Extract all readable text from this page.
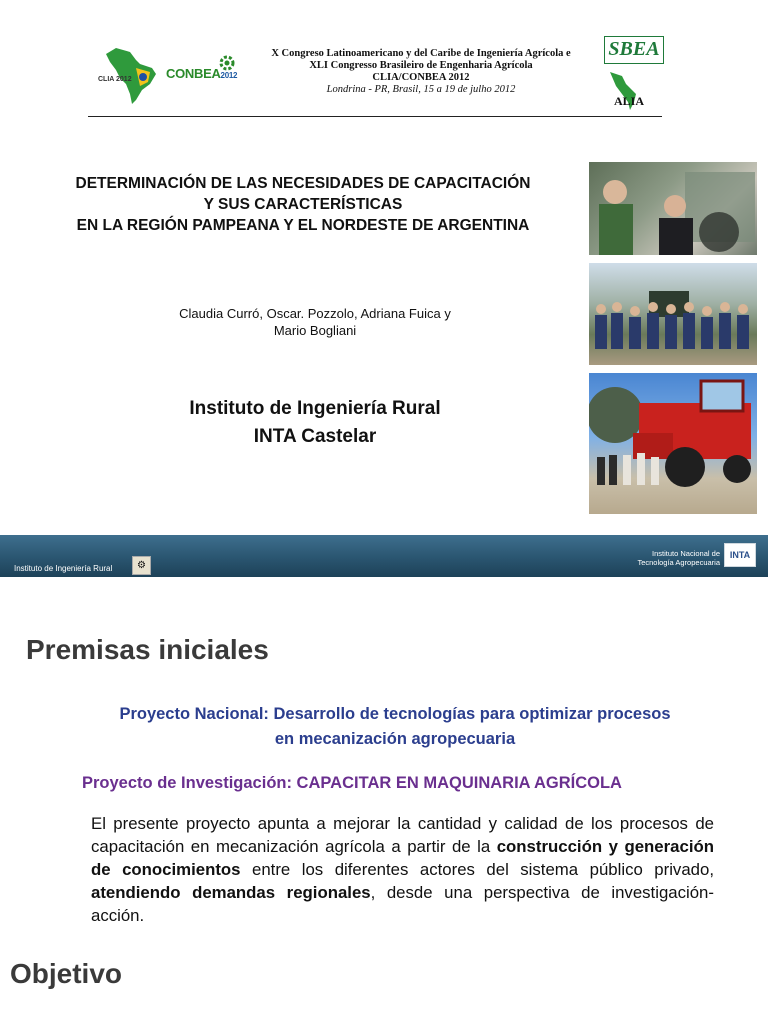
CLIA 2012	CONBEA2012
X Congreso Latinoamericano y del Caribe de Ingeniería Agrícola e
XLI Congresso Brasileiro de Engenharia Agrícola
CLIA/CONBEA 2012
Londrina - PR, Brasil, 15 a 19 de julho 2012
SBEA
ALIA
DETERMINACIÓN DE LAS NECESIDADES DE CAPACITACIÓN
Y SUS CARACTERÍSTICAS
EN LA REGIÓN PAMPEANA Y EL NORDESTE DE ARGENTINA
Claudia Curró, Oscar. Pozzolo, Adriana Fuica y
Mario Bogliani
Instituto de Ingeniería Rural
INTA Castelar
Instituto de Ingeniería Rural	⚙
Instituto Nacional de
Tecnología Agropecuaria
INTA
Premisas iniciales
Proyecto Nacional: Desarrollo de tecnologías para optimizar procesos
en mecanización agropecuaria
Proyecto de Investigación: CAPACITAR EN MAQUINARIA AGRÍCOLA
El presente proyecto apunta a mejorar la cantidad y calidad de los procesos de capacitación en mecanización agrícola a partir de la construcción y generación de conocimientos entre los diferentes actores del sistema público privado, atendiendo demandas regionales, desde una perspectiva de investigación-acción.
Objetivo
